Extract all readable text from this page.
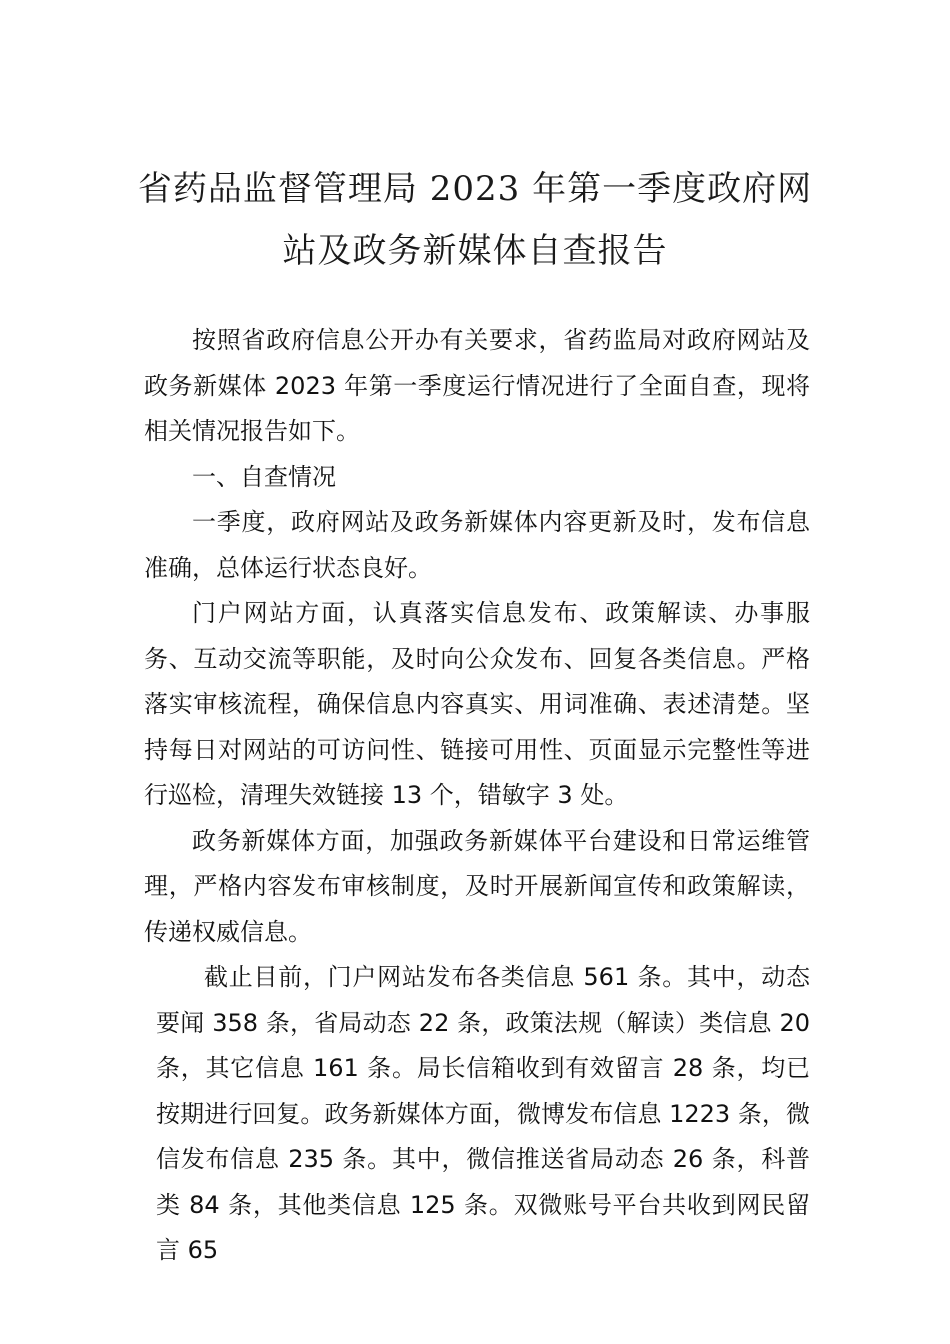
省药品监督管理局 2023 年第一季度政府网
站及政务新媒体自查报告

按照省政府信息公开办有关要求，省药监局对政府网站及政务新媒体 2023 年第一季度运行情况进行了全面自查，现将相关情况报告如下。

一、自查情况

一季度，政府网站及政务新媒体内容更新及时，发布信息准确，总体运行状态良好。

门户网站方面，认真落实信息发布、政策解读、办事服务、互动交流等职能，及时向公众发布、回复各类信息。严格落实审核流程，确保信息内容真实、用词准确、表述清楚。坚持每日对网站的可访问性、链接可用性、页面显示完整性等进行巡检，清理失效链接 13 个，错敏字 3 处。

政务新媒体方面，加强政务新媒体平台建设和日常运维管理，严格内容发布审核制度，及时开展新闻宣传和政策解读，传递权威信息。

截止目前，门户网站发布各类信息 561 条。其中，动态要闻 358 条，省局动态 22 条，政策法规（解读）类信息 20 条，其它信息 161 条。局长信箱收到有效留言 28 条，均已按期进行回复。政务新媒体方面，微博发布信息 1223 条，微信发布信息 235 条。其中，微信推送省局动态 26 条，科普类 84 条，其他类信息 125 条。双微账号平台共收到网民留言 65
